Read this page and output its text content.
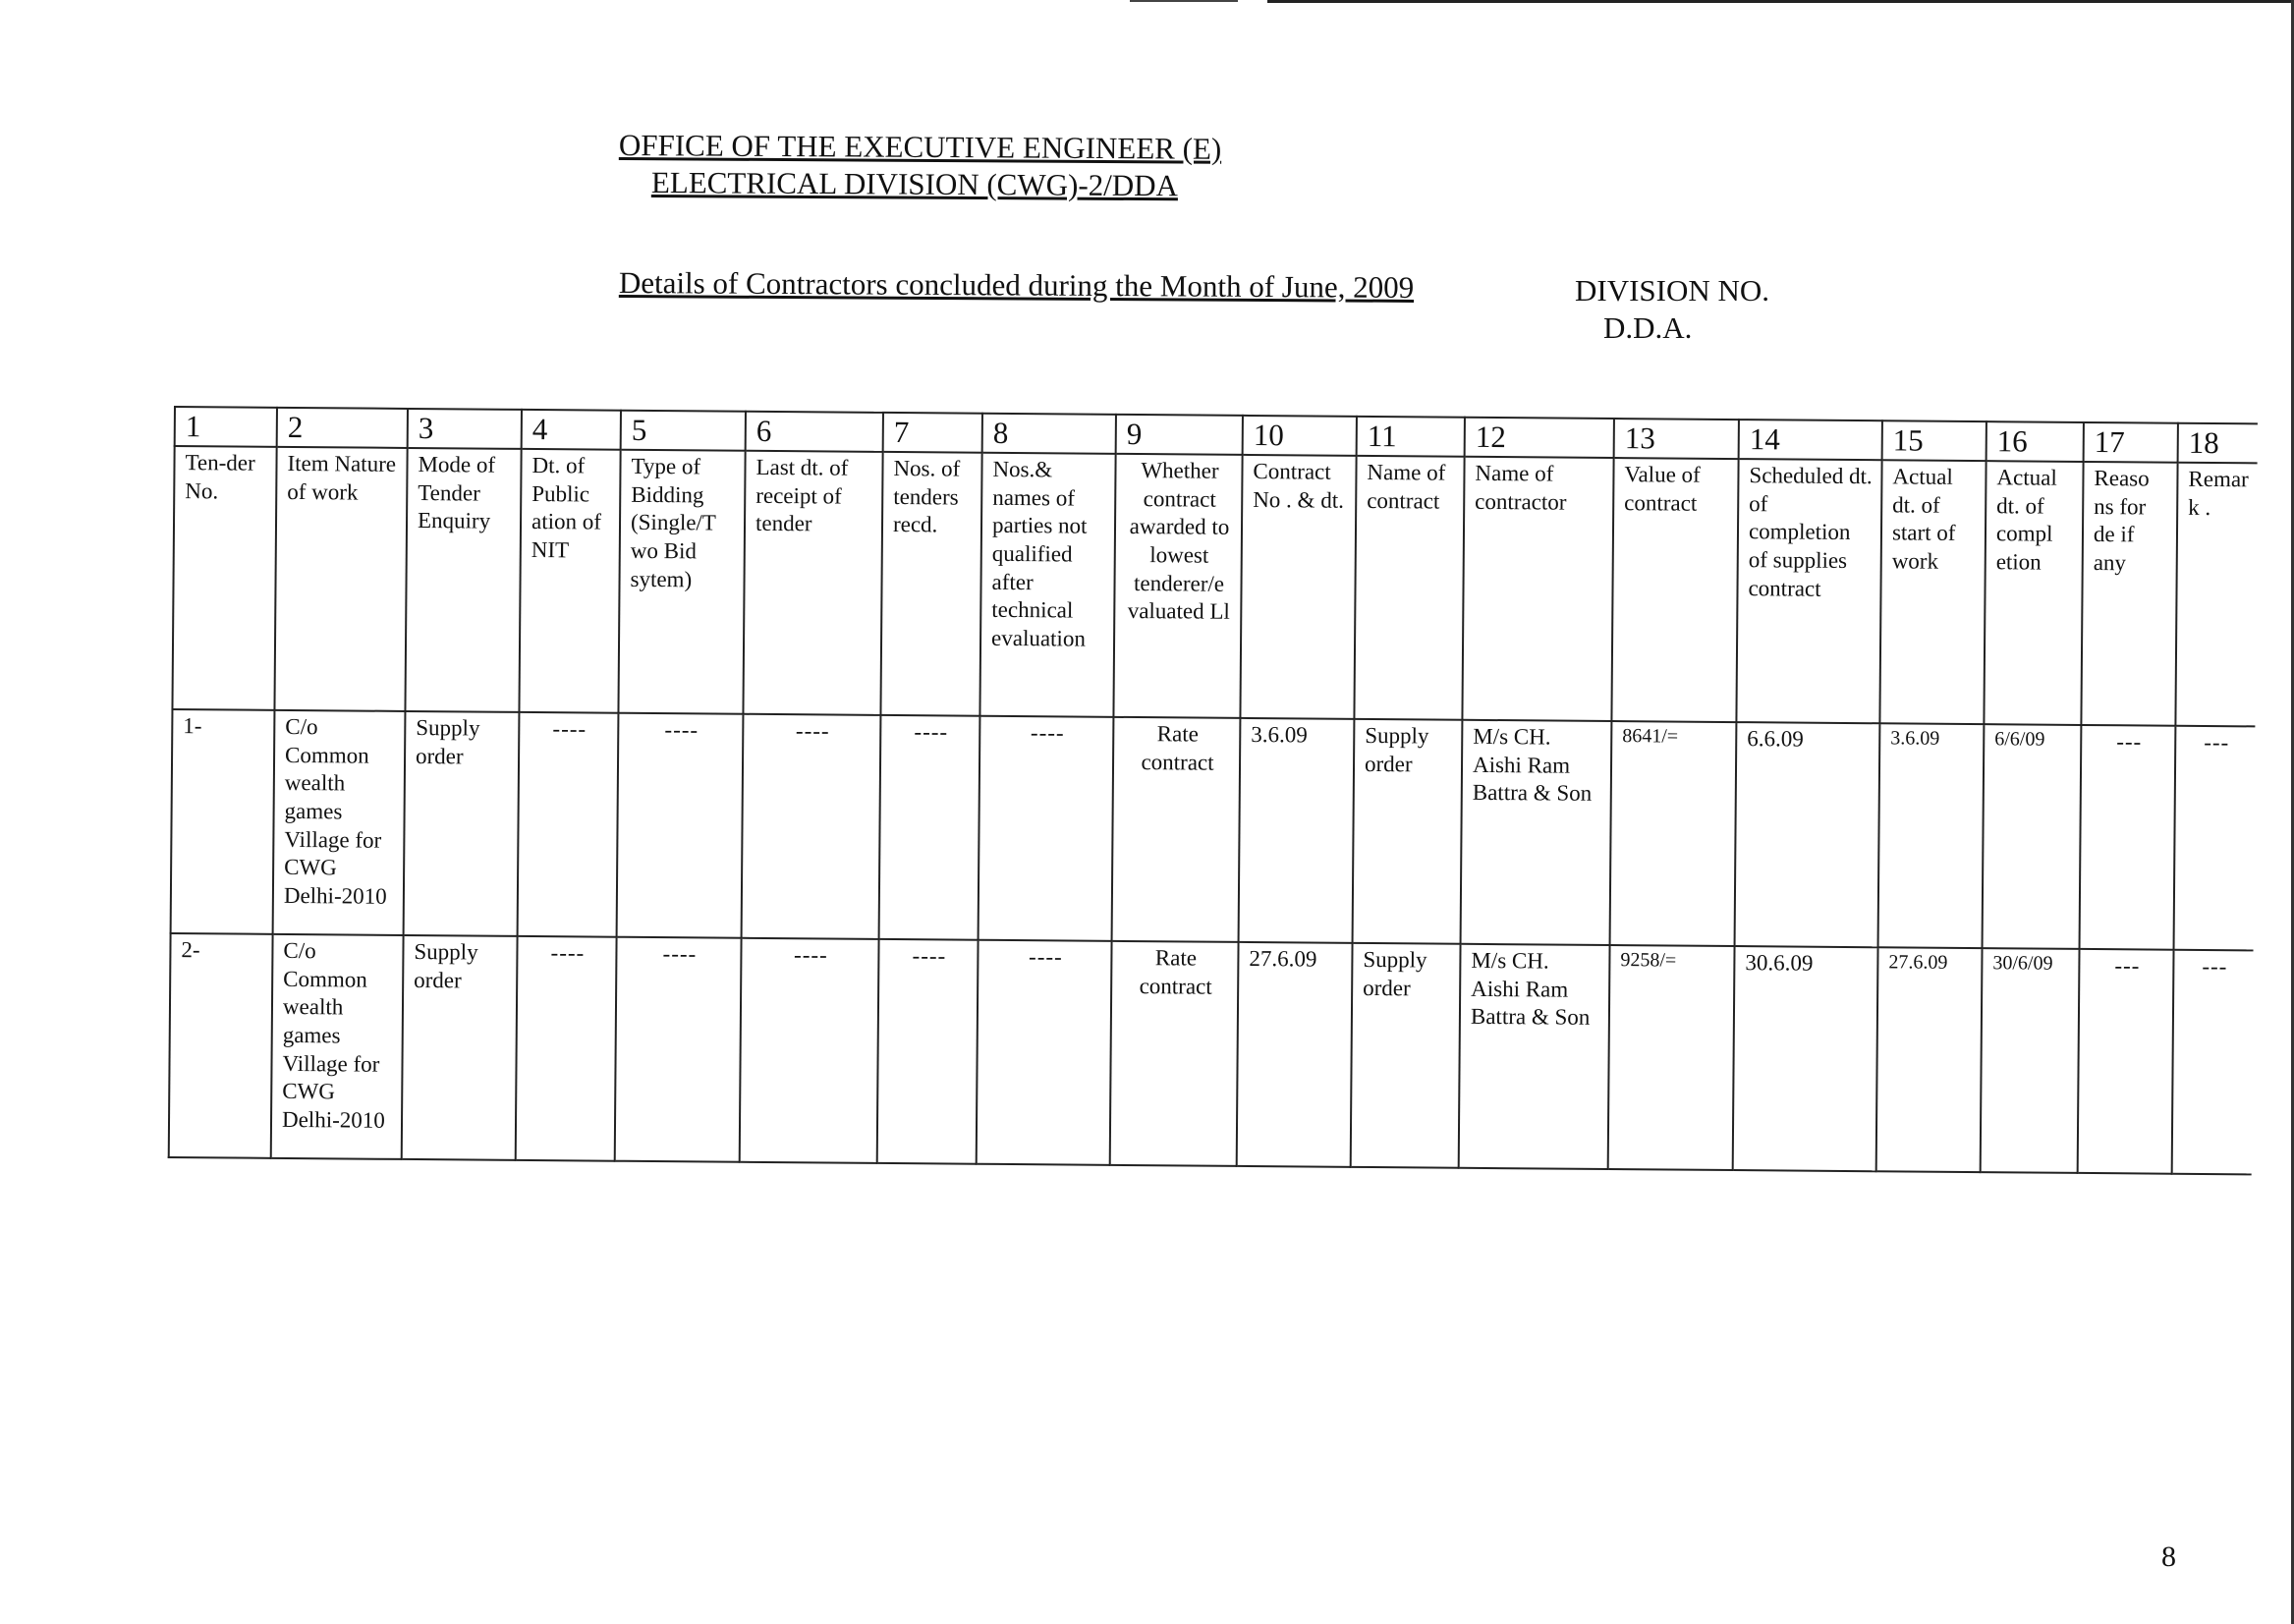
OFFICE OF THE EXECUTIVE ENGINEER (E)
ELECTRICAL DIVISION (CWG)-2/DDA
Details of Contractors concluded during the Month of June, 2009	DIVISION NO.
D.D.A.
1	2	3	4	5	6	7	8	9	10	11	12	13	14	15	16	17	18
Ten-der No.	Item Nature of work	Mode of Tender Enquiry	Dt. of Public ation of NIT	Type of Bidding (Single/T wo Bid sytem)	Last dt. of receipt of tender	Nos. of tenders recd.	Nos.& names of parties not qualified after technical evaluation	Whether contract awarded to lowest tenderer/e valuated Ll	Contract No . & dt.	Name of contract	Name of contractor	Value of contract	Scheduled dt. of completion of supplies contract	Actual dt. of start of work	Actual dt. of compl etion	Reaso ns for de if any	Remark .
1-	C/o Common wealth games Village for CWG Delhi-2010	Supply order	----	----	----	----	----	Rate contract	3.6.09	Supply order	M/s CH. Aishi Ram Battra & Son	8641/=	6.6.09	3.6.09	6/6/09	---	---
2-	C/o Common wealth games Village for CWG Delhi-2010	Supply order	----	----	----	----	----	Rate contract	27.6.09	Supply order	M/s CH. Aishi Ram Battra & Son	9258/=	30.6.09	27.6.09	30/6/09	---	---
8
